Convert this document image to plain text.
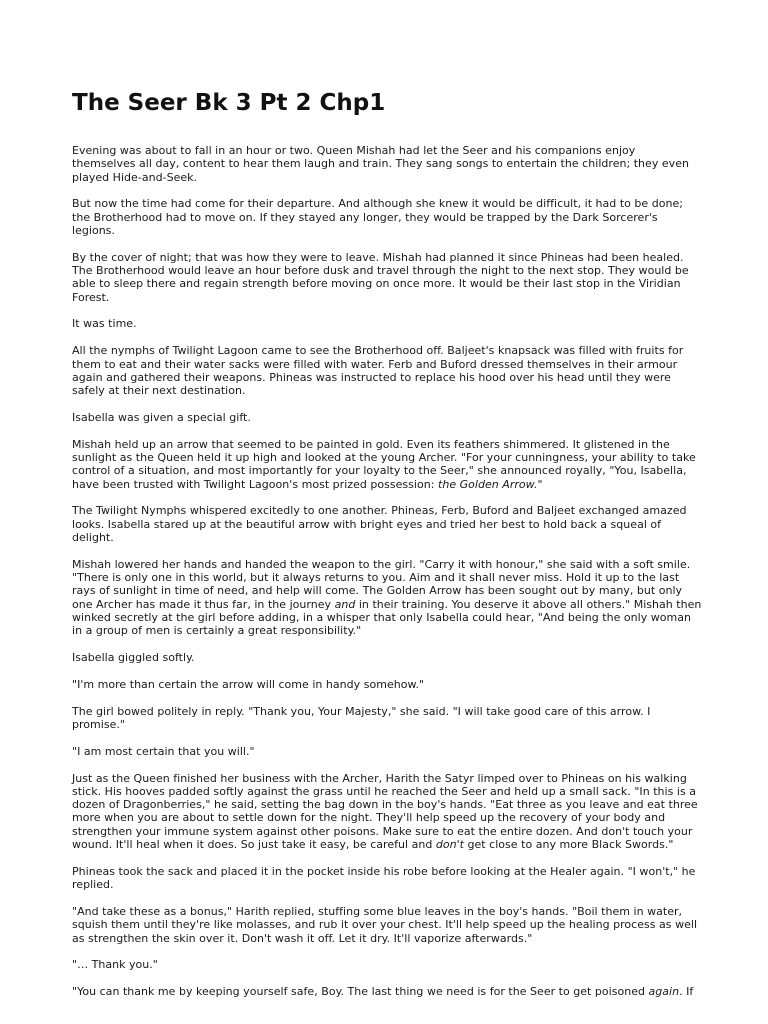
The Seer Bk 3 Pt 2 Chp1

Evening was about to fall in an hour or two. Queen Mishah had let the Seer and his companions enjoy themselves all day, content to hear them laugh and train. They sang songs to entertain the children; they even played Hide-and-Seek.

But now the time had come for their departure. And although she knew it would be difficult, it had to be done; the Brotherhood had to move on. If they stayed any longer, they would be trapped by the Dark Sorcerer's legions.

By the cover of night; that was how they were to leave. Mishah had planned it since Phineas had been healed. The Brotherhood would leave an hour before dusk and travel through the night to the next stop. They would be able to sleep there and regain strength before moving on once more. It would be their last stop in the Viridian Forest.

It was time.

All the nymphs of Twilight Lagoon came to see the Brotherhood off. Baljeet's knapsack was filled with fruits for them to eat and their water sacks were filled with water. Ferb and Buford dressed themselves in their armour again and gathered their weapons. Phineas was instructed to replace his hood over his head until they were safely at their next destination.

Isabella was given a special gift.

Mishah held up an arrow that seemed to be painted in gold. Even its feathers shimmered. It glistened in the sunlight as the Queen held it up high and looked at the young Archer. "For your cunningness, your ability to take control of a situation, and most importantly for your loyalty to the Seer," she announced royally, "You, Isabella, have been trusted with Twilight Lagoon's most prized possession: the Golden Arrow."

The Twilight Nymphs whispered excitedly to one another. Phineas, Ferb, Buford and Baljeet exchanged amazed looks. Isabella stared up at the beautiful arrow with bright eyes and tried her best to hold back a squeal of delight.

Mishah lowered her hands and handed the weapon to the girl. "Carry it with honour," she said with a soft smile. "There is only one in this world, but it always returns to you. Aim and it shall never miss. Hold it up to the last rays of sunlight in time of need, and help will come. The Golden Arrow has been sought out by many, but only one Archer has made it thus far, in the journey and in their training. You deserve it above all others." Mishah then winked secretly at the girl before adding, in a whisper that only Isabella could hear, "And being the only woman in a group of men is certainly a great responsibility."

Isabella giggled softly.

"I'm more than certain the arrow will come in handy somehow."

The girl bowed politely in reply. "Thank you, Your Majesty," she said. "I will take good care of this arrow. I promise."

"I am most certain that you will."

Just as the Queen finished her business with the Archer, Harith the Satyr limped over to Phineas on his walking stick. His hooves padded softly against the grass until he reached the Seer and held up a small sack. "In this is a dozen of Dragonberries," he said, setting the bag down in the boy's hands. "Eat three as you leave and eat three more when you are about to settle down for the night. They'll help speed up the recovery of your body and strengthen your immune system against other poisons. Make sure to eat the entire dozen. And don't touch your wound. It'll heal when it does. So just take it easy, be careful and don't get close to any more Black Swords."

Phineas took the sack and placed it in the pocket inside his robe before looking at the Healer again. "I won't," he replied.

"And take these as a bonus," Harith replied, stuffing some blue leaves in the boy's hands. "Boil them in water, squish them until they're like molasses, and rub it over your chest. It'll help speed up the healing process as well as strengthen the skin over it. Don't wash it off. Let it dry. It'll vaporize afterwards."

"… Thank you."

"You can thank me by keeping yourself safe, Boy. The last thing we need is for the Seer to get poisoned again. If
